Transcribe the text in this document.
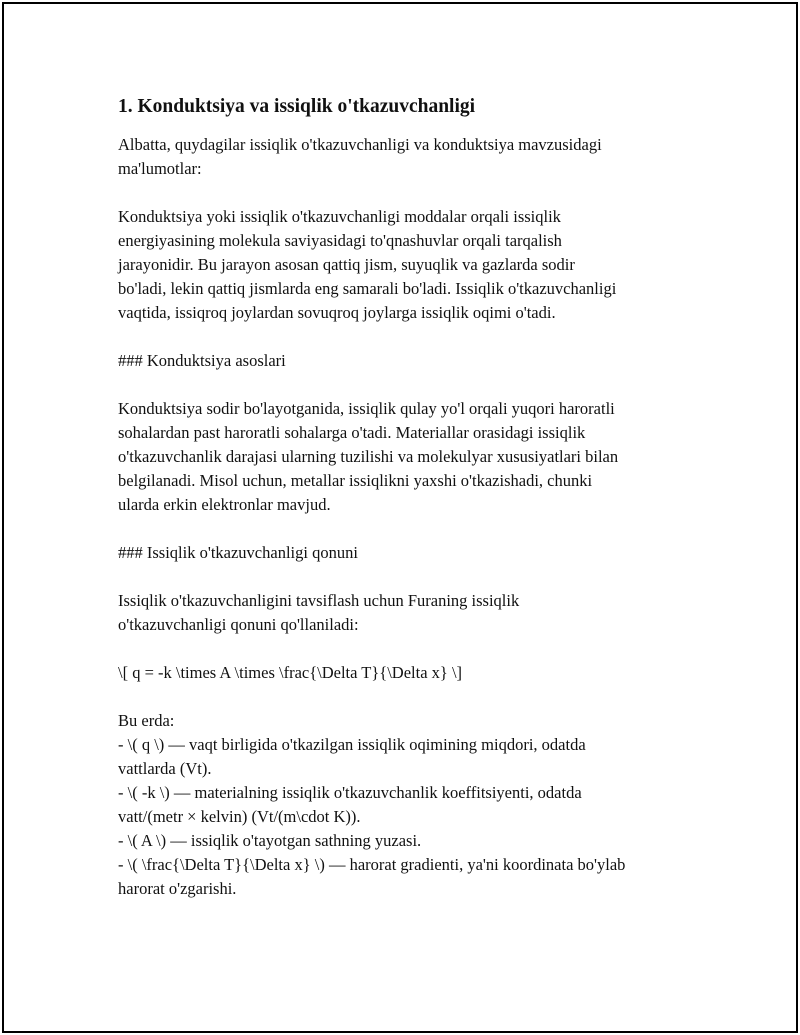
1. Konduktsiya va issiqlik o'tkazuvchanligi

Albatta, quydagilar issiqlik o'tkazuvchanligi va konduktsiya mavzusidagi
ma'lumotlar:

Konduktsiya yoki issiqlik o'tkazuvchanligi moddalar orqali issiqlik
energiyasining molekula saviyasidagi to'qnashuvlar orqali tarqalish
jarayonidir. Bu jarayon asosan qattiq jism, suyuqlik va gazlarda sodir
bo'ladi, lekin qattiq jismlarda eng samarali bo'ladi. Issiqlik o'tkazuvchanligi
vaqtida, issiqroq joylardan sovuqroq joylarga issiqlik oqimi o'tadi.

### Konduktsiya asoslari

Konduktsiya sodir bo'layotganida, issiqlik qulay yo'l orqali yuqori haroratli
sohalardan past haroratli sohalarga o'tadi. Materiallar orasidagi issiqlik
o'tkazuvchanlik darajasi ularning tuzilishi va molekulyar xususiyatlari bilan
belgilanadi. Misol uchun, metallar issiqlikni yaxshi o'tkazishadi, chunki
ularda erkin elektronlar mavjud.

### Issiqlik o'tkazuvchanligi qonuni

Issiqlik o'tkazuvchanligini tavsiflash uchun Furaning issiqlik
o'tkazuvchanligi qonuni qo'llaniladi:

\[ q = -k \times A \times \frac{\Delta T}{\Delta x} \]

Bu erda:
- \( q \) — vaqt birligida o'tkazilgan issiqlik oqimining miqdori, odatda
vattlarda (Vt).
- \( -k \) — materialning issiqlik o'tkazuvchanlik koeffitsiyenti, odatda
vatt/(metr × kelvin) (Vt/(m\cdot K)).
- \( A \) — issiqlik o'tayotgan sathning yuzasi.
- \( \frac{\Delta T}{\Delta x} \) — harorat gradienti, ya'ni koordinata bo'ylab
harorat o'zgarishi.
